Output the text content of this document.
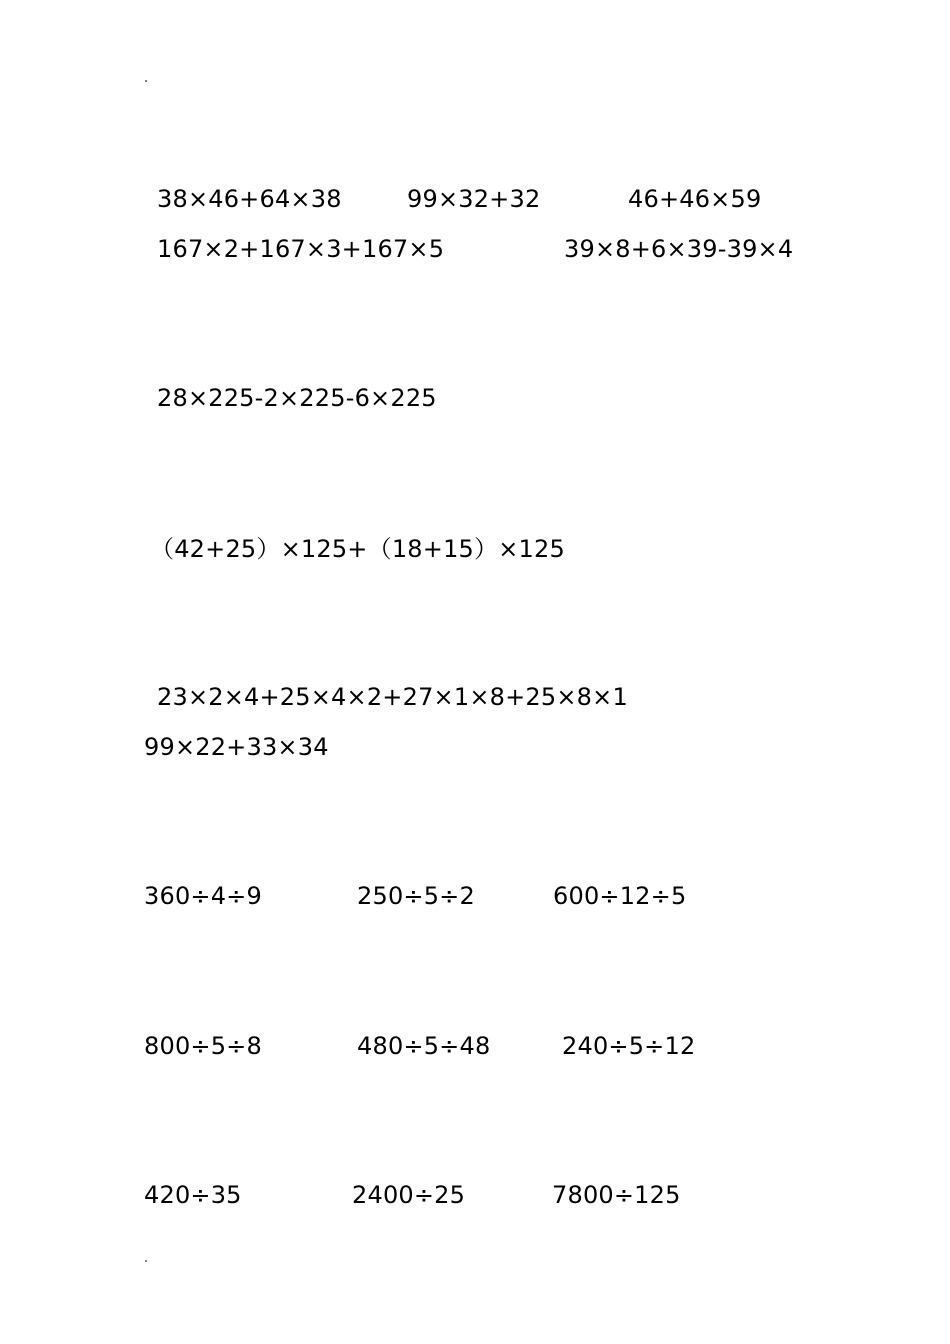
38×46+64×38	99×32+32	46+46×59
167×2+167×3+167×5	39×8+6×39-39×4
28×225-2×225-6×225
（42+25）×125+（18+15）×125
23×2×4+25×4×2+27×1×8+25×8×1
99×22+33×34
360÷4÷9	250÷5÷2	600÷12÷5
800÷5÷8	480÷5÷48	240÷5÷12
420÷35	2400÷25	7800÷125
